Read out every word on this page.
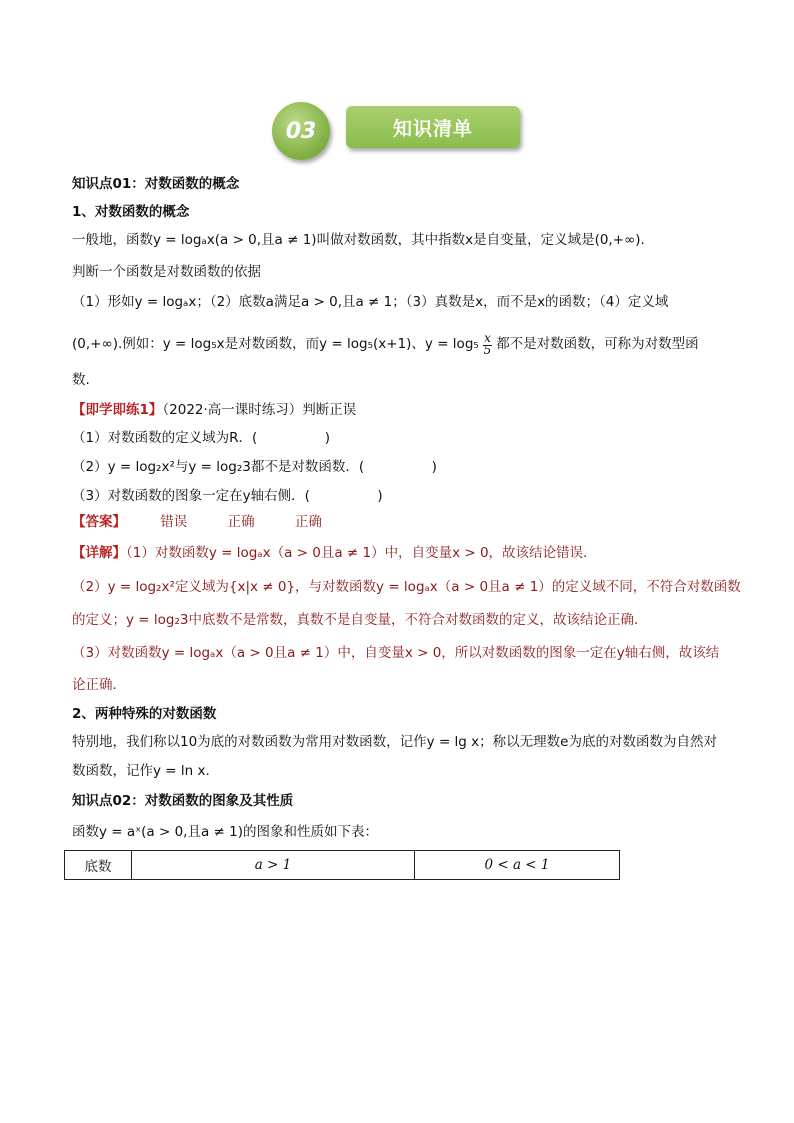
03	知识清单
知识点01：对数函数的概念
1、对数函数的概念
一般地，函数y = logₐx(a > 0,且a ≠ 1)叫做对数函数，其中指数x是自变量，定义域是(0,+∞).
判断一个函数是对数函数的依据
（1）形如y = logₐx；（2）底数a满足a > 0,且a ≠ 1；（3）真数是x，而不是x的函数；（4）定义域
(0,+∞).例如：y = log₅x是对数函数，而y = log₅(x+1)、$y = \log_5 \frac{x}{5}$ 都不是对数函数，可称为对数型函
数.
【即学即练1】（2022·高一课时练习）判断正误
（1）对数函数的定义域为R．(　　　　　)
（2）y = log₂x²与y = log₂3都不是对数函数．(　　　　　)
（3）对数函数的图象一定在y轴右侧．(　　　　　)
【答案】	错误	正确	正确
【详解】（1）对数函数y = logₐx（a > 0且a ≠ 1）中，自变量x > 0，故该结论错误．
（2）y = log₂x²定义域为{x|x ≠ 0}，与对数函数y = logₐx（a > 0且a ≠ 1）的定义域不同，不符合对数函数
的定义；y = log₂3中底数不是常数，真数不是自变量，不符合对数函数的定义，故该结论正确．
（3）对数函数y = logₐx（a > 0且a ≠ 1）中，自变量x > 0，所以对数函数的图象一定在y轴右侧，故该结
论正确．
2、两种特殊的对数函数
特别地，我们称以10为底的对数函数为常用对数函数，记作y = lg x；称以无理数e为底的对数函数为自然对
数函数，记作y = ln x.
知识点02：对数函数的图象及其性质
函数y = aˣ(a > 0,且a ≠ 1)的图象和性质如下表：
底数	a > 1	0 < a < 1
